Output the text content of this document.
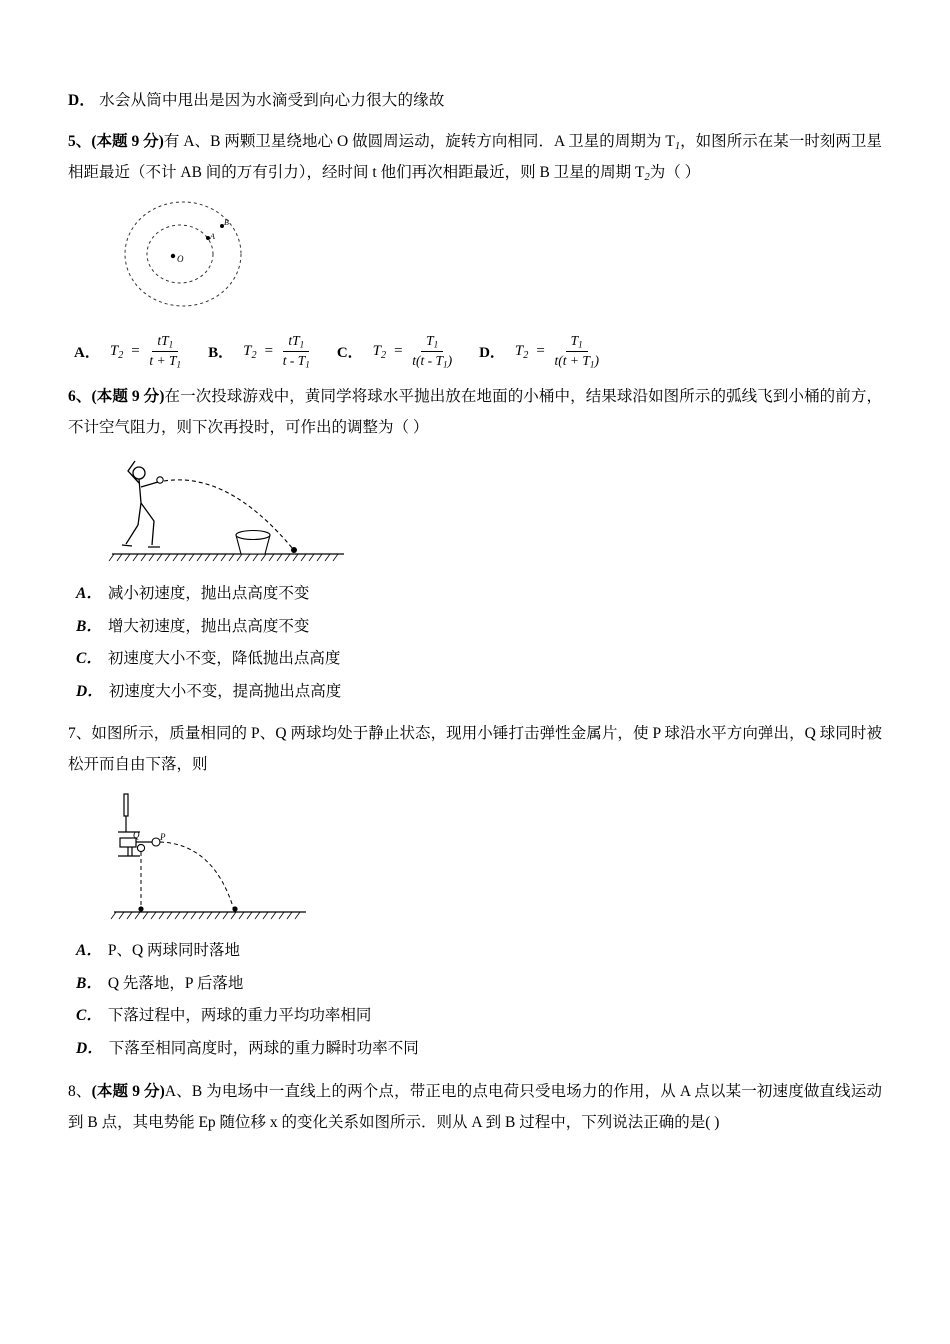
D． 水会从筒中甩出是因为水滴受到向心力很大的缘故
5、(本题 9 分)有 A、B 两颗卫星绕地心 O 做圆周运动，旋转方向相同．A 卫星的周期为 $T_1$，如图所示在某一时刻两卫星相距最近（不计 AB 间的万有引力），经时间 t 他们再次相距最近，则 B 卫星的周期 $T_2$为（ ）
O
A
B
A． $T_2 = \frac{tT_1}{t + T_1}$ B． $T_2 = \frac{tT_1}{t - T_1}$ C． $T_2 = \frac{T_1}{t(t - T_1)}$ D． $T_2 = \frac{T_1}{t(t + T_1)}$
6、(本题 9 分)在一次投球游戏中，黄同学将球水平抛出放在地面的小桶中，结果球沿如图所示的弧线飞到小桶的前方，不计空气阻力，则下次再投时，可作出的调整为（ ）
A． 减小初速度，抛出点高度不变
B． 增大初速度，抛出点高度不变
C． 初速度大小不变，降低抛出点高度
D． 初速度大小不变，提高抛出点高度
7、如图所示，质量相同的 P、Q 两球均处于静止状态，现用小锤打击弹性金属片，使 P 球沿水平方向弹出，Q 球同时被松开而自由下落，则
P
Q
A． P、Q 两球同时落地
B． Q 先落地，P 后落地
C． 下落过程中，两球的重力平均功率相同
D． 下落至相同高度时，两球的重力瞬时功率不同
8、(本题 9 分)A、B 为电场中一直线上的两个点，带正电的点电荷只受电场力的作用，从 A 点以某一初速度做直线运动到 B 点，其电势能 Ep 随位移 x 的变化关系如图所示．则从 A 到 B 过程中，下列说法正确的是( )
